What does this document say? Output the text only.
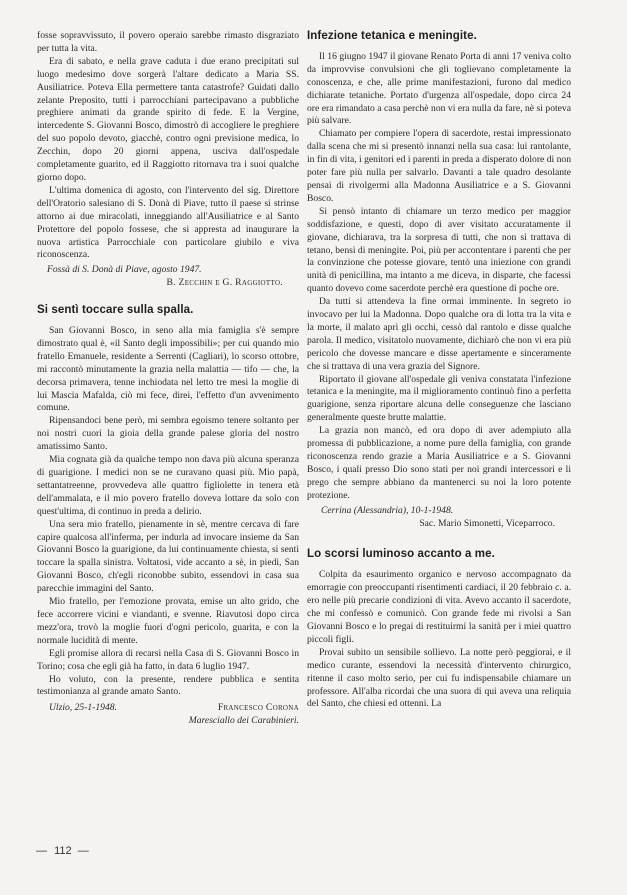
fosse sopravvissuto, il povero operaio sarebbe rimasto disgraziato per tutta la vita.

Era di sabato, e nella grave caduta i due erano precipitati sul luogo medesimo dove sorgerà l'altare dedicato a Maria SS. Ausiliatrice. Poteva Ella permettere tanta catastrofe? Guidati dallo zelante Preposito, tutti i parrocchiani partecipavano a pubbliche preghiere animati da grande spirito di fede. E la Vergine, intercedente S. Giovanni Bosco, dimostrò di accogliere le preghiere del suo popolo devoto, giacchè, contro ogni previsione medica, lo Zecchin, dopo 20 giorni appena, usciva dall'ospedale completamente guarito, ed il Raggiotto ritornava tra i suoi qualche giorno dopo.

L'ultima domenica di agosto, con l'intervento del sig. Direttore dell'Oratorio salesiano di S. Donà di Piave, tutto il paese si strinse attorno ai due miracolati, inneggiando all'Ausiliatrice e al Santo Protettore del popolo fossese, che si appresta ad inaugurare la nuova artistica Parrocchiale con particolare giubilo e viva riconoscenza.

Fossà di S. Donà di Piave, agosto 1947.
B. Zecchin e G. Raggiotto.
Si sentì toccare sulla spalla.

San Giovanni Bosco, in seno alla mia famiglia s'è sempre dimostrato qual è, «il Santo degli impossibili»; per cui quando mio fratello Emanuele, residente a Serrenti (Cagliari), lo scorso ottobre, mi raccontò minutamente la grazia nella malattia — tifo — che, la decorsa primavera, tenne inchiodata nel letto tre mesi la moglie di lui Mascia Mafalda, ciò mi fece, direi, l'effetto d'un avvenimento comune.

Ripensandoci bene però, mi sembra egoismo tenere soltanto per noi nostri cuori la gioia della grande palese gloria del nostro amatissimo Santo.

Mia cognata già da qualche tempo non dava più alcuna speranza di guarigione. I medici non se ne curavano quasi più. Mio papà, settantatreenne, provvedeva alle quattro figliolette in tenera età dell'ammalata, e il mio povero fratello doveva lottare da solo con quest'ultima, di continuo in preda a delirio.

Una sera mio fratello, pienamente in sè, mentre cercava di fare capire qualcosa all'inferma, per indurla ad invocare insieme da San Giovanni Bosco la guarigione, da lui continuamente chiesta, si sentì toccare la spalla sinistra. Voltatosi, vide accanto a sè, in piedi, San Giovanni Bosco, ch'egli riconobbe subito, essendovi in casa sua parecchie immagini del Santo.

Mio fratello, per l'emozione provata, emise un alto grido, che fece accorrere vicini e viandanti, e svenne. Riavutosi dopo circa mezz'ora, trovò la moglie fuori d'ogni pericolo, guarita, e con la normale lucidità di mente.

Egli promise allora di recarsi nella Casa di S. Giovanni Bosco in Torino; cosa che egli già ha fatto, in data 6 luglio 1947.

Ho voluto, con la presente, rendere pubblica e sentita testimonianza al grande amato Santo.

Ulzio, 25-1-1948.	Francesco Corona
Maresciallo dei Carabinieri.
Infezione tetanica e meningite.

Il 16 giugno 1947 il giovane Renato Porta di anni 17 veniva colto da improvvise convulsioni che gli toglievano completamente la conoscenza, e che, alle prime manifestazioni, furono dal medico dichiarate tetaniche. Portato d'urgenza all'ospedale, dopo circa 24 ore era rimandato a casa perchè non vi era nulla da fare, nè si poteva più salvare.

Chiamato per compiere l'opera di sacerdote, restai impressionato dalla scena che mi si presentò innanzi nella sua casa: lui rantolante, in fin di vita, i genitori ed i parenti in preda a disperato dolore di non poter fare più nulla per salvarlo. Davanti a tale quadro desolante pensai di rivolgermi alla Madonna Ausiliatrice e a S. Giovanni Bosco.

Si pensò intanto di chiamare un terzo medico per maggior soddisfazione, e questi, dopo di aver visitato accuratamente il giovane, dichiarava, tra la sorpresa di tutti, che non si trattava di tetano, bensì di meningite. Poi, più per accontentare i parenti che per la convinzione che potesse giovare, tentò una iniezione con grandi unità di penicillina, ma intanto a me diceva, in disparte, che facessi quanto dovevo come sacerdote perchè era questione di poche ore.

Da tutti si attendeva la fine ormai imminente. In segreto io invocavo per lui la Madonna. Dopo qualche ora di lotta tra la vita e la morte, il malato aprì gli occhi, cessò dal rantolo e disse qualche parola. Il medico, visitatolo nuovamente, dichiarò che non vi era più pericolo che dovesse mancare e disse apertamente e sinceramente che si trattava di una vera grazia del Signore.

Riportato il giovane all'ospedale gli veniva constatata l'infezione tetanica e la meningite, ma il miglioramento continuò fino a perfetta guarigione, senza riportare alcuna delle conseguenze che lasciano generalmente queste brutte malattie.

La grazia non mancò, ed ora dopo di aver adempiuto alla promessa di pubblicazione, a nome pure della famiglia, con grande riconoscenza rendo grazie a Maria Ausiliatrice e a S. Giovanni Bosco, i quali presso Dio sono stati per noi grandi intercessori e li prego che sempre abbiano da mantenerci su noi la loro potente protezione.

Cerrina (Alessandria), 10-1-1948.
Sac. Mario Simonetti, Viceparroco.
Lo scorsi luminoso accanto a me.

Colpita da esaurimento organico e nervoso accompagnato da emorragie con preoccupanti risentimenti cardiaci, il 20 febbraio c. a. ero nelle più precarie condizioni di vita. Avevo accanto il sacerdote, che mi confessò e comunicò. Con grande fede mi rivolsi a San Giovanni Bosco e lo pregai di restituirmi la sanità per i miei quattro piccoli figli.

Provai subito un sensibile sollievo. La notte però peggiorai, e il medico curante, essendovi la necessità d'intervento chirurgico, ritenne il caso molto serio, per cui fu indispensabile chiamare un professore. All'alba ricordai che una suora di qui aveva una reliquia del Santo, che chiesi ed ottenni. La

— 112 —
